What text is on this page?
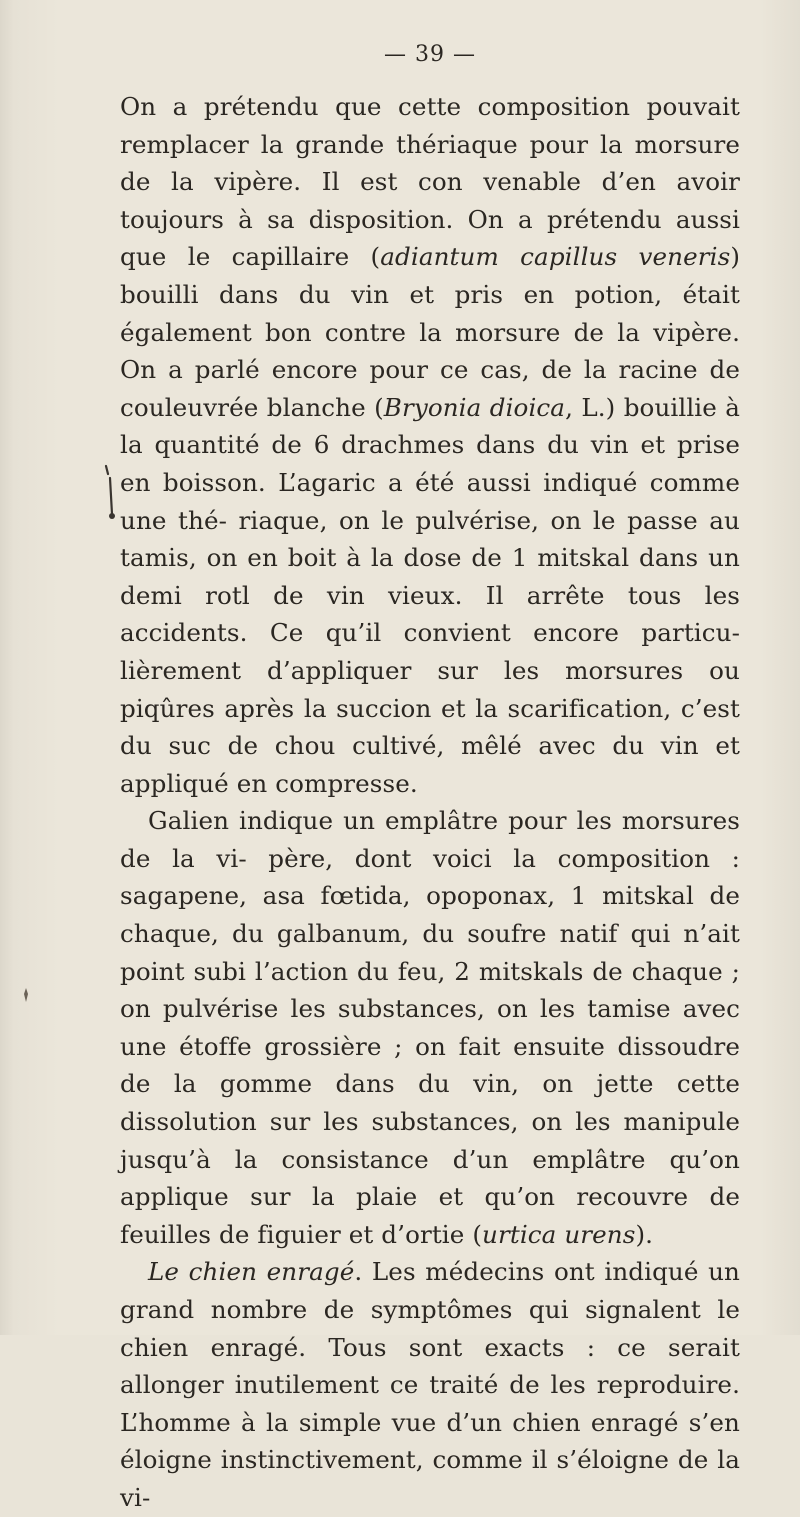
— 39 —

On a prétendu que cette composition pouvait remplacer la grande thériaque pour la morsure de la vipère. Il est con venable d’en avoir toujours à sa disposition. On a prétendu aussi que le capillaire (adiantum capillus veneris) bouilli dans du vin et pris en potion, était également bon contre la morsure de la vipère. On a parlé encore pour ce cas, de la racine de couleuvrée blanche (Bryonia dioica, L.) bouillie à la quantité de 6 drachmes dans du vin et prise en boisson. L’agaric a été aussi indiqué comme une thé- riaque, on le pulvérise, on le passe au tamis, on en boit à la dose de 1 mitskal dans un demi rotl de vin vieux. Il arrête tous les accidents. Ce qu’il convient encore particu- lièrement d’appliquer sur les morsures ou piqûres après la succion et la scarification, c’est du suc de chou cultivé, mêlé avec du vin et appliqué en compresse.

Galien indique un emplâtre pour les morsures de la vi- père, dont voici la composition : sagapene, asa fœtida, opoponax, 1 mitskal de chaque, du galbanum, du soufre natif qui n’ait point subi l’action du feu, 2 mitskals de chaque ; on pulvérise les substances, on les tamise avec une étoffe grossière ; on fait ensuite dissoudre de la gomme dans du vin, on jette cette dissolution sur les substances, on les manipule jusqu’à la consistance d’un emplâtre qu’on applique sur la plaie et qu’on recouvre de feuilles de figuier et d’ortie (urtica urens).

Le chien enragé. Les médecins ont indiqué un grand nombre de symptômes qui signalent le chien enragé. Tous sont exacts : ce serait allonger inutilement ce traité de les reproduire. L’homme à la simple vue d’un chien enragé s’en éloigne instinctivement, comme il s’éloigne de la vi-
